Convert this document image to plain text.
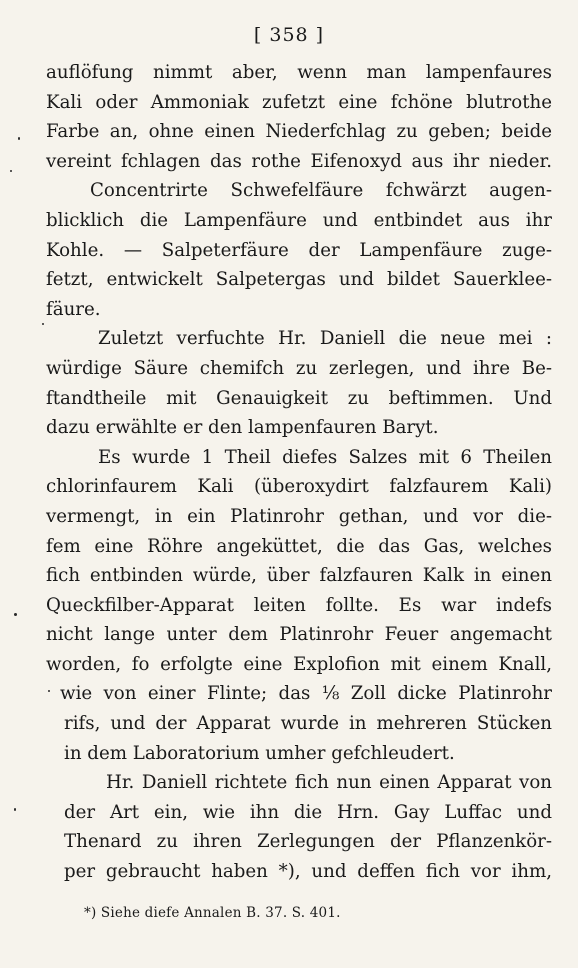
[ 358 ]
auflöfung nimmt aber, wenn man lampenfaures
Kali oder Ammoniak zufetzt eine fchöne blutrothe
Farbe an, ohne einen Niederfchlag zu geben; beide
vereint fchlagen das rothe Eifenoxyd aus ihr nieder.
Concentrirte Schwefelfäure fchwärzt augen-
blicklich die Lampenfäure und entbindet aus ihr
Kohle. — Salpeterfäure der Lampenfäure zuge-
fetzt, entwickelt Salpetergas und bildet Sauerklee-
fäure.
Zuletzt verfuchte Hr. Daniell die neue mei :
würdige Säure chemifch zu zerlegen, und ihre Be-
ftandtheile mit Genauigkeit zu beftimmen. Und
dazu erwählte er den lampenfauren Baryt.
Es wurde 1 Theil diefes Salzes mit 6 Theilen
chlorinfaurem Kali (überoxydirt falzfaurem Kali)
vermengt, in ein Platinrohr gethan, und vor die-
fem eine Röhre angeküttet, die das Gas, welches
fich entbinden würde, über falzfauren Kalk in einen
Queckfilber-Apparat leiten follte. Es war indefs
nicht lange unter dem Platinrohr Feuer angemacht
worden, fo erfolgte eine Explofion mit einem Knall,
wie von einer Flinte; das ⅛ Zoll dicke Platinrohr
rifs, und der Apparat wurde in mehreren Stücken
in dem Laboratorium umher gefchleudert.
Hr. Daniell richtete fich nun einen Apparat von
der Art ein, wie ihn die Hrn. Gay Luffac und
Thenard zu ihren Zerlegungen der Pflanzenkör-
per gebraucht haben *), und deffen fich vor ihm,
*) Siehe diefe Annalen B. 37. S. 401.
